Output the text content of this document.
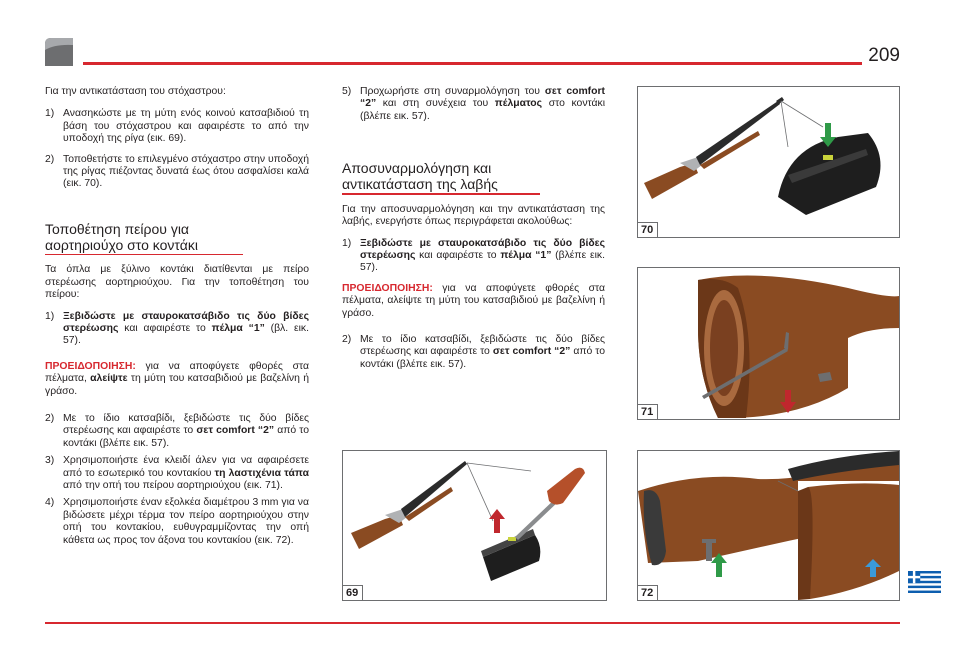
209

Για την αντικατάσταση του στόχαστρου:

1) Ανασηκώστε με τη μύτη ενός κοινού κατσαβιδιού τη βάση του στόχαστρου και αφαιρέστε το από την υποδοχή της ρίγα (εικ. 69).
2) Τοποθετήστε το επιλεγμένο στόχαστρο στην υποδοχή της ρίγας πιέζοντας δυνατά έως ότου ασφαλίσει καλά (εικ. 70).
Τοποθέτηση πείρου για
αορτηριούχο στο κοντάκι

Τα όπλα με ξύλινο κοντάκι διατίθενται με πείρο στερέωσης αορτηριούχου. Για την τοποθέτηση του πείρου:

1) Ξεβιδώστε με σταυροκατσάβιδο τις δύο βίδες στερέωσης και αφαιρέστε το πέλμα “1” (βλ. εικ. 57).

ΠΡΟΕΙΔΟΠΟΙΗΣΗ: για να αποφύγετε φθορές στα πέλματα, αλείψτε τη μύτη του κατσαβιδιού με βαζελίνη ή γράσο.

2) Με το ίδιο κατσαβίδι, ξεβιδώστε τις δύο βίδες στερέωσης και αφαιρέστε το σετ comfort “2” από το κοντάκι (βλέπε εικ. 57).
3) Χρησιμοποιήστε ένα κλειδί άλεν για να αφαιρέσετε από το εσωτερικό του κοντακίου τη λαστιχένια τάπα από την οπή του πείρου αορτηριούχου (εικ. 71).
4) Χρησιμοποιήστε έναν εξολκέα διαμέτρου 3 mm για να βιδώσετε μέχρι τέρμα τον πείρο αορτηριούχου στην οπή του κοντακίου, ευθυγραμμίζοντας την οπή κάθετα ως προς τον άξονα του κοντακίου (εικ. 72).
5) Προχωρήστε στη συναρμολόγηση του σετ comfort “2” και στη συνέχεια του πέλματος στο κοντάκι (βλέπε εικ. 57).
Αποσυναρμολόγηση και
αντικατάσταση της λαβής

Για την αποσυναρμολόγηση και την αντικατάσταση της λαβής, ενεργήστε όπως περιγράφεται ακολούθως:

1) Ξεβιδώστε με σταυροκατσάβιδο τις δύο βίδες στερέωσης και αφαιρέστε το πέλμα “1” (βλέπε εικ. 57).

ΠΡΟΕΙΔΟΠΟΙΗΣΗ: για να αποφύγετε φθορές στα πέλματα, αλείψτε τη μύτη του κατσαβιδιού με βαζελίνη ή γράσο.

2) Με το ίδιο κατσαβίδι, ξεβιδώστε τις δύο βίδες στερέωσης και αφαιρέστε το σετ comfort “2” από το κοντάκι (βλέπε εικ. 57).
70
71
69	72
